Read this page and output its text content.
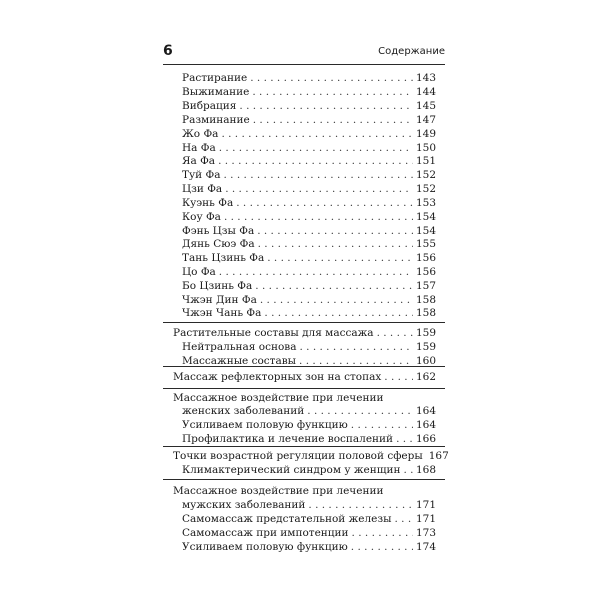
6	Содержание
Растирание . . .	143
Выжимание . . .	144
Вибрация . . .	145
Разминание . . .	147
Жо Фа . . .	149
На Фа . . .	150
Яа Фа . . .	151
Туй Фа . . .	152
Цзи Фа . . .	152
Куэнь Фа . . .	153
Коу Фа . . .	154
Фэнь Цзы Фа . . .	154
Дянь Сюэ Фа . . .	155
Тань Цзинь Фа . . .	156
Цо Фа . . .	156
Бо Цзинь Фа . . .	157
Чжэн Дин Фа . . .	158
Чжэн Чань Фа . . .	158
Растительные составы для массажа . . .	159
Нейтральная основа . . .	159
Массажные составы . . .	160
Массаж рефлекторных зон на стопах . . .	162
Массажное воздействие при лечении
женских заболеваний . . .	164
Усиливаем половую функцию . . .	164
Профилактика и лечение воспалений . . . 166
Точки возрастной регуляции половой сферы 167
Климактерический синдром у женщин . . . 168
Массажное воздействие при лечении
мужских заболеваний . . .	171
Самомассаж предстательной железы . . . 171
Самомассаж при импотенции . . .	173
Усиливаем половую функцию . . .	174
